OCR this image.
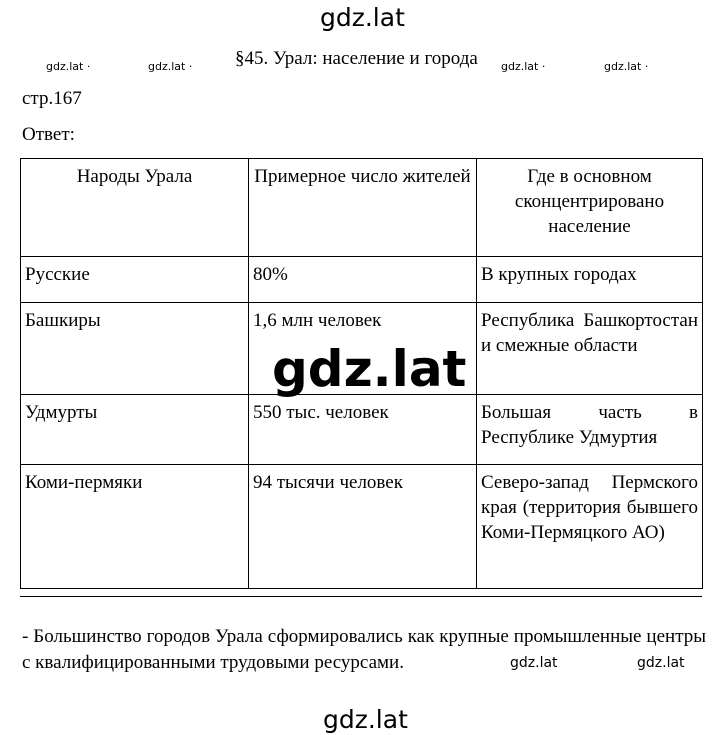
gdz.lat
gdz.lat ·	gdz.lat · §45. Урал: население и города gdz.lat ·	gdz.lat ·
стр.167
Ответ:
Народы Урала	Примерное число жителей	Где в основном сконцентрировано население
Русские	80%	В крупных городах
Башкиры	1,6 млн человек	Республика Башкортостан и смежные области
Удмурты	550 тыс. человек	Большая часть в Республике Удмуртия
Коми-пермяки	94 тысячи человек	Северо-запад Пермского края (территория бывшего Коми-Пермяцкого АО)
gdz.lat
- Большинство городов Урала сформировались как крупные промышленные центры с квалифицированными трудовыми ресурсами.	gdz.lat	gdz.lat
gdz.lat
